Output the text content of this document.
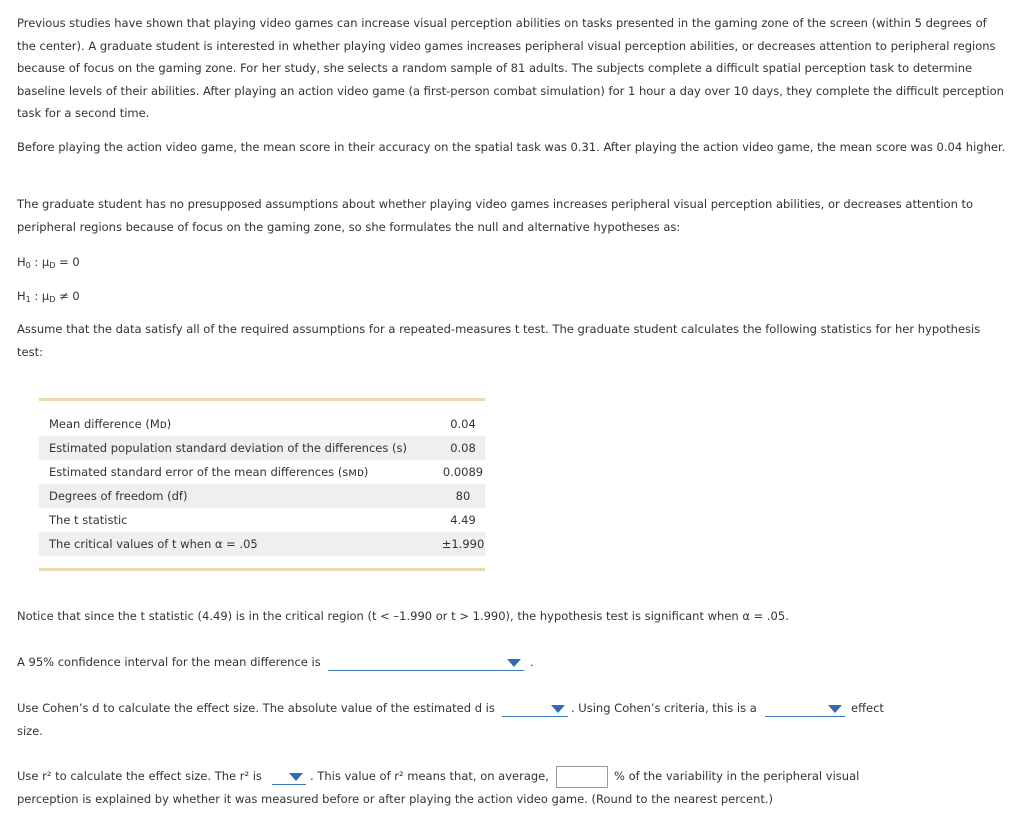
Previous studies have shown that playing video games can increase visual perception abilities on tasks presented in the gaming zone of the screen (within 5 degrees of the center). A graduate student is interested in whether playing video games increases peripheral visual perception abilities, or decreases attention to peripheral regions because of focus on the gaming zone. For her study, she selects a random sample of 81 adults. The subjects complete a difficult spatial perception task to determine baseline levels of their abilities. After playing an action video game (a first-person combat simulation) for 1 hour a day over 10 days, they complete the difficult perception task for a second time.

Before playing the action video game, the mean score in their accuracy on the spatial task was 0.31. After playing the action video game, the mean score was 0.04 higher.

The graduate student has no presupposed assumptions about whether playing video games increases peripheral visual perception abilities, or decreases attention to peripheral regions because of focus on the gaming zone, so she formulates the null and alternative hypotheses as:

$H_0$ : $\mu_D = 0$
$H_1$ : $\mu_D \ne 0$

Assume that the data satisfy all of the required assumptions for a repeated-measures t test. The graduate student calculates the following statistics for her hypothesis test:

Mean difference (Mᴅ)	0.04
Estimated population standard deviation of the differences (s)	0.08
Estimated standard error of the mean differences (sᴍᴅ)	0.0089
Degrees of freedom (df)	80
The t statistic	4.49
The critical values of t when α = .05	±1.990
Notice that since the t statistic (4.49) is in the critical region (t < –1.990 or t > 1.990), the hypothesis test is significant when α = .05.
A 95% confidence interval for the mean difference is	.
Use Cohen’s d to calculate the effect size. The absolute value of the estimated d is	. Using Cohen’s criteria, this is a	effect
size.
Use r² to calculate the effect size. The r² is	. This value of r² means that, on average,	% of the variability in the peripheral visual
perception is explained by whether it was measured before or after playing the action video game. (Round to the nearest percent.)
